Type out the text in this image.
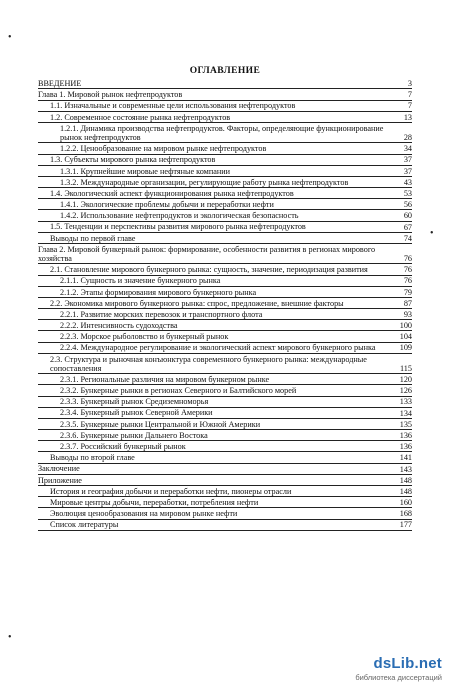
•
•
•
ОГЛАВЛЕНИЕ
ВВЕДЕНИЕ	3
Глава 1. Мировой рынок нефтепродуктов	7
1.1. Изначальные и современные цели использования нефтепродуктов	7
1.2. Современное состояние рынка нефтепродуктов	13
1.2.1. Динамика производства нефтепродуктов. Факторы, определяющие функционирование рынок нефтепродуктов	28
1.2.2. Ценообразование на мировом рынке нефтепродуктов	34
1.3. Субъекты мирового рынка нефтепродуктов	37
1.3.1. Крупнейшие мировые нефтяные компании	37
1.3.2. Международные организации, регулирующие работу рынка нефтепродуктов	43
1.4. Экологический аспект функционирования рынка нефтепродуктов	53
1.4.1. Экологические проблемы добычи и переработки нефти	56
1.4.2. Использование нефтепродуктов и экологическая безопасность	60
1.5. Тенденции и перспективы развития мирового рынка нефтепродуктов	67
Выводы по первой главе	74
Глава 2. Мировой бункерный рынок: формирование, особенности развития в регионах мирового хозяйства	76
2.1. Становление мирового бункерного рынка: сущность, значение, периодизация развития	76
2.1.1. Сущность и значение бункерного рынка	76
2.1.2. Этапы формирования мирового бункерного рынка	79
2.2. Экономика мирового бункерного рынка: спрос, предложение, внешние факторы	87
2.2.1. Развитие морских перевозок и транспортного флота	93
2.2.2. Интенсивность судоходства	100
2.2.3. Морское рыболовство и бункерный рынок	104
2.2.4. Международное регулирование и экологический аспект мирового бункерного рынка	109
2.3. Структура и рыночная конъюнктура современного бункерного рынка: международные сопоставления	115
2.3.1. Региональные различия на мировом бункерном рынке	120
2.3.2. Бункерные рынки в регионах Северного и Балтийского морей	126
2.3.3. Бункерный рынок Средиземноморья	133
2.3.4. Бункерный рынок Северной Америки	134
2.3.5. Бункерные рынки Центральной и Южной Америки	135
2.3.6. Бункерные рынки Дальнего Востока	136
2.3.7. Российский бункерный рынок	136
Выводы по второй главе	141
Заключение	143
Приложение	148
История и география добычи и переработки нефти, пионеры отрасли	148
Мировые центры добычи, переработки, потребления нефти	160
Эволюция ценообразования на мировом рынке нефти	168
Список литературы	177
dsLib.net
библиотека диссертаций
